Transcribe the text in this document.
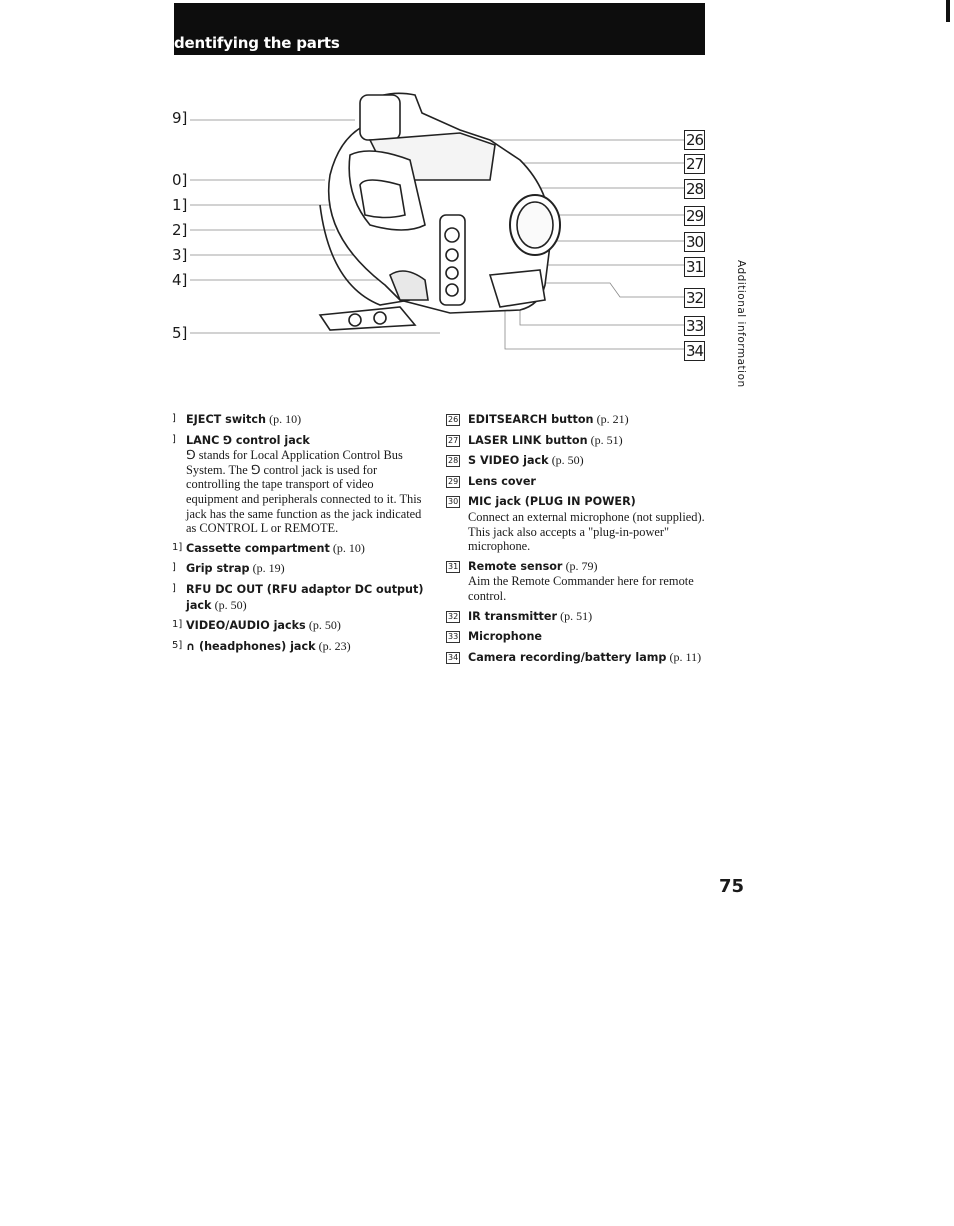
dentifying the parts
9]
0]
1]
2]
3]
4]
5]
26
27
28
29
30
31
32
33
34
] EJECT switch (p. 10)
] LANC ⅁ control jack
⅁ stands for Local Application Control Bus System. The ⅁ control jack is used for controlling the tape transport of video equipment and peripherals connected to it. This jack has the same function as the jack indicated as CONTROL L or REMOTE.
1] Cassette compartment (p. 10)
] Grip strap (p. 19)
] RFU DC OUT (RFU adaptor DC output) jack (p. 50)
1] VIDEO/AUDIO jacks (p. 50)
5] ∩ (headphones) jack (p. 23)
26 EDITSEARCH button (p. 21)
27 LASER LINK button (p. 51)
28 S VIDEO jack (p. 50)
29 Lens cover
30 MIC jack (PLUG IN POWER)
Connect an external microphone (not supplied). This jack also accepts a "plug-in-power" microphone.
31 Remote sensor (p. 79)
Aim the Remote Commander here for remote control.
32 IR transmitter (p. 51)
33 Microphone
34 Camera recording/battery lamp (p. 11)
Additional information
75
